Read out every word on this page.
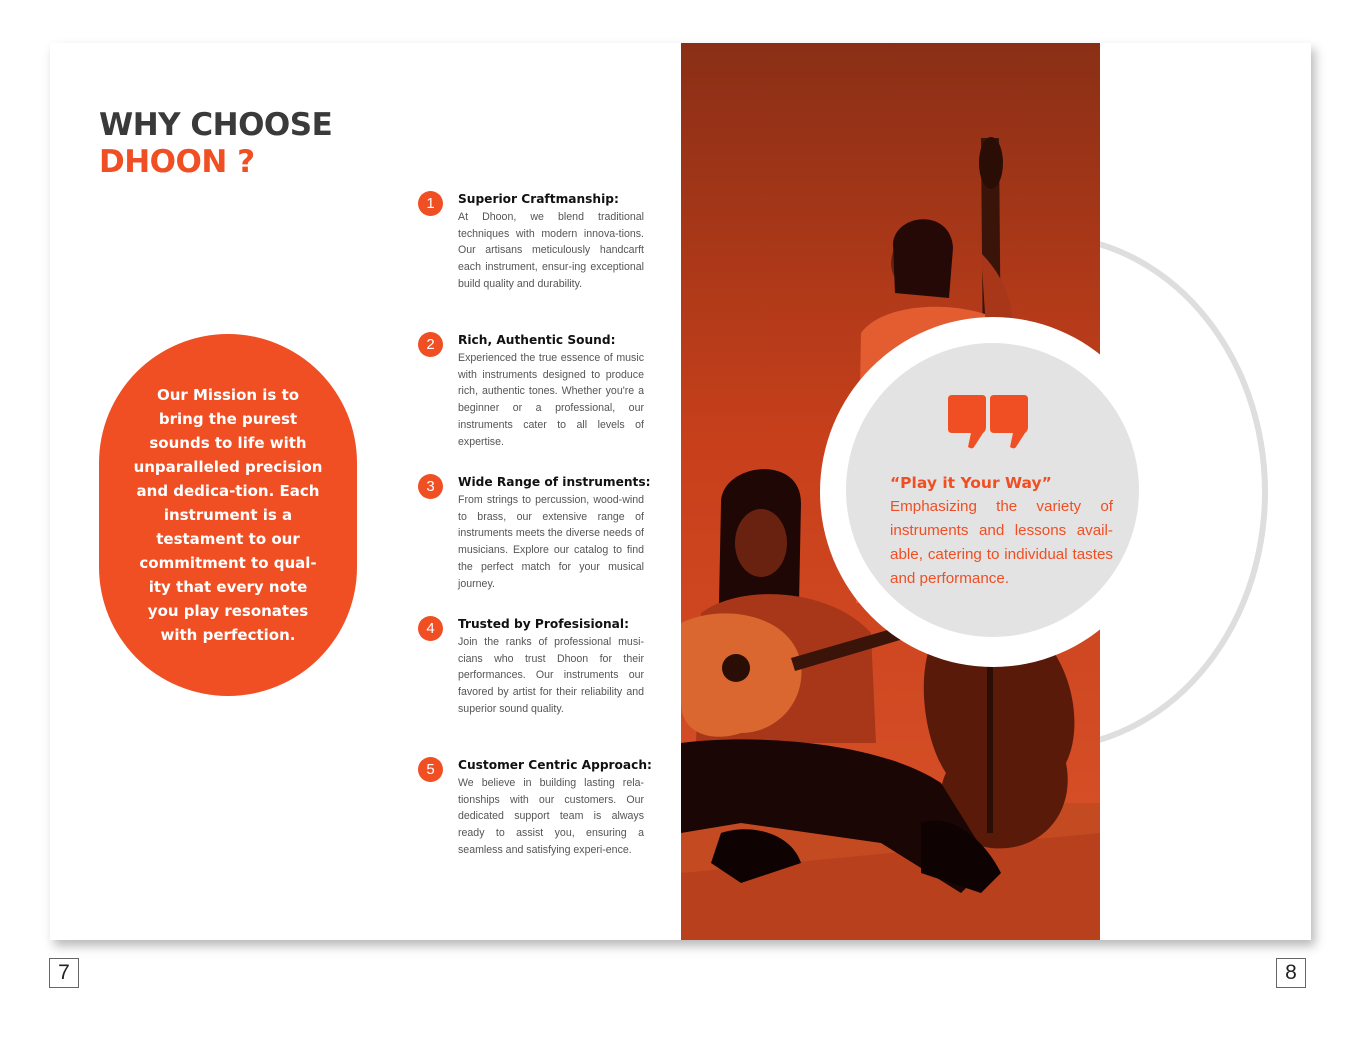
WHY CHOOSE
DHOON ?

Our Mission is to bring the purest sounds to life with unparalleled precision and dedica-tion. Each instrument is a testament to our commitment to qual-ity that every note you play resonates with perfection.

1	Superior Craftmanship:

At Dhoon, we blend traditional techniques with modern innova-tions. Our artisans meticulously handcarft each instrument, ensur-ing exceptional build quality and durability.

2	Rich, Authentic Sound:

Experienced the true essence of music with instruments designed to produce rich, authentic tones. Whether you're a beginner or a professional, our instruments cater to all levels of expertise.

3	Wide Range of instruments:

From strings to percussion, wood-wind to brass, our extensive range of instruments meets the diverse needs of musicians. Explore our catalog to find the perfect match for your musical journey.

4	Trusted by Profesisional:

Join the ranks of professional musi-cians who trust Dhoon for their performances. Our instruments our favored by artist for their reliability and superior sound quality.

5	Customer Centric Approach:

We believe in building lasting rela-tionships with our customers. Our dedicated support team is always ready to assist you, ensuring a seamless and satisfying experi-ence.

“Play it Your Way”
Emphasizing the variety of instruments and lessons avail-able, catering to individual tastes and performance.

7	8
